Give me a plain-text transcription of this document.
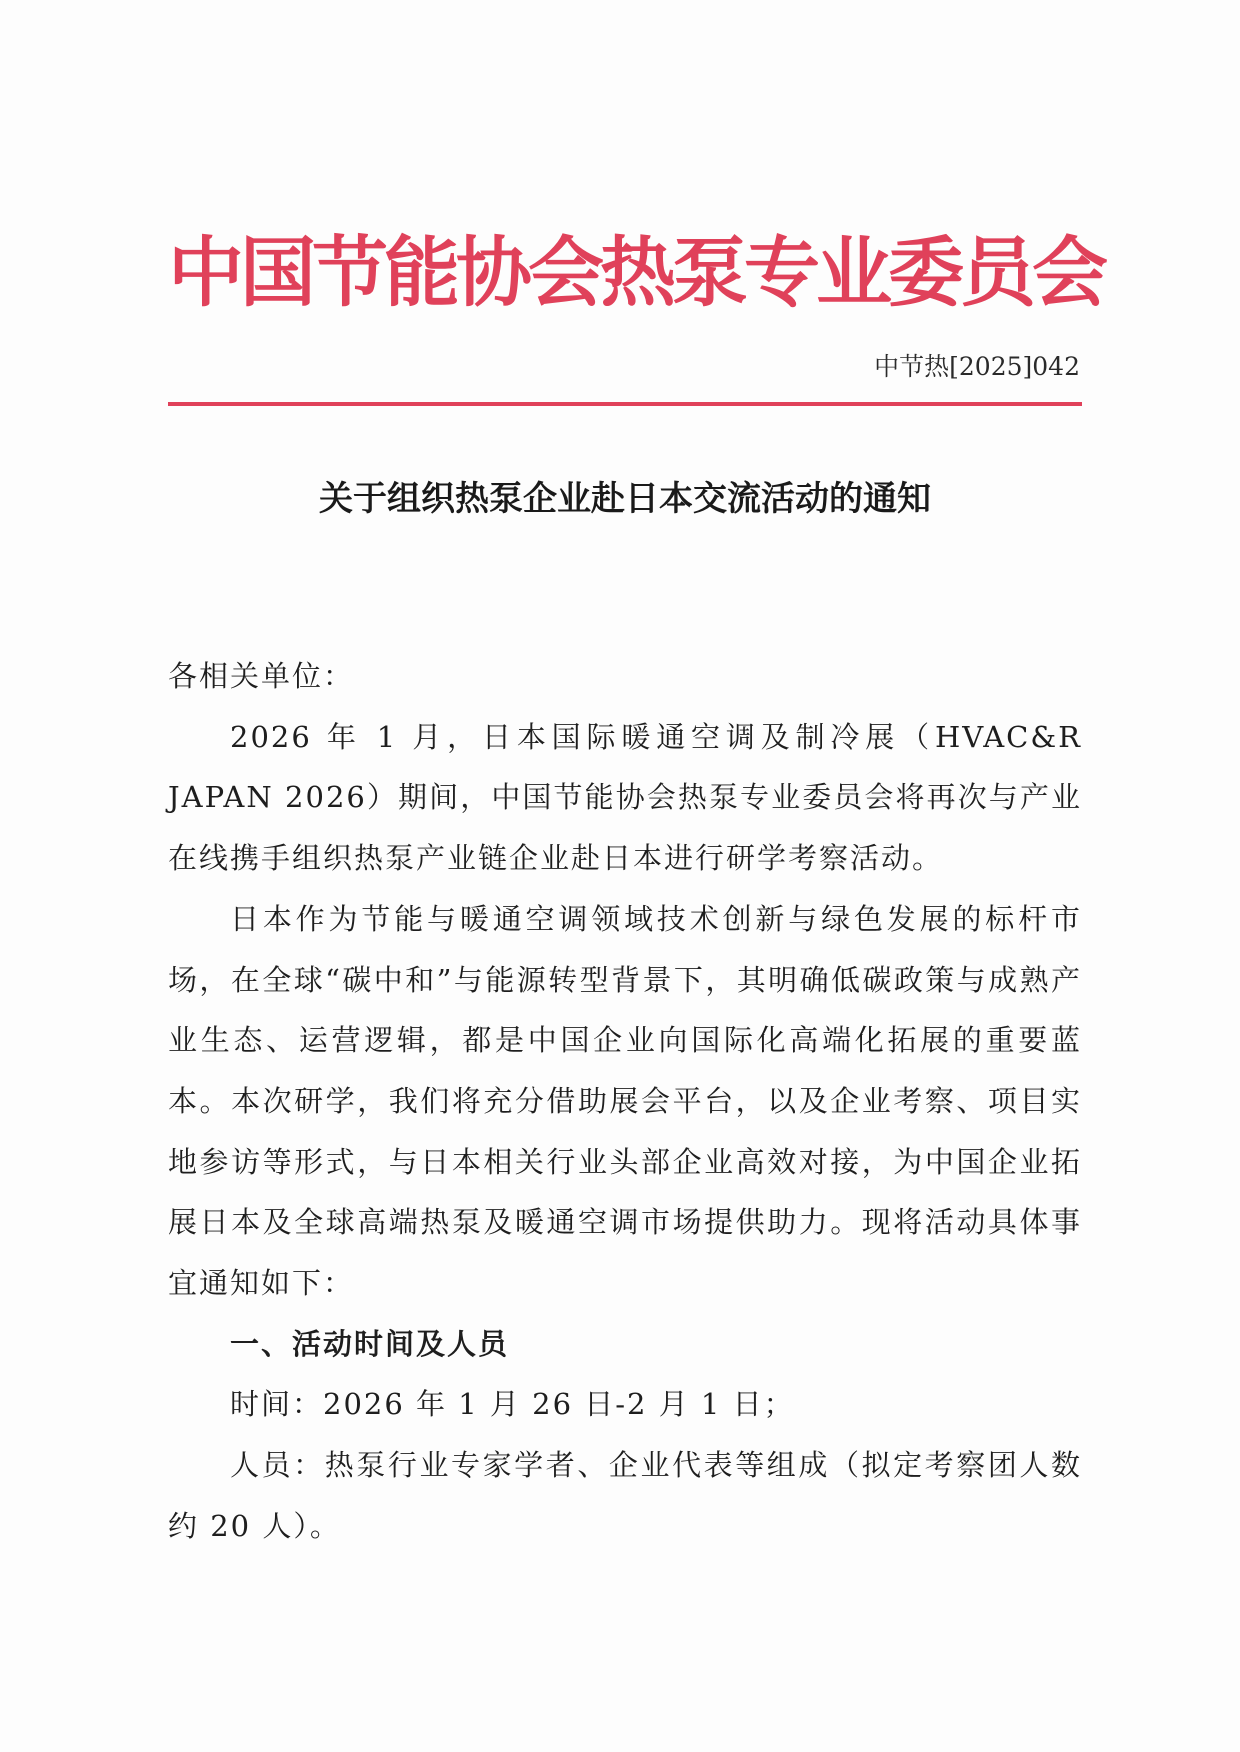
中国节能协会热泵专业委员会
中节热[2025]042
关于组织热泵企业赴日本交流活动的通知

各相关单位：

2026 年 1 月，日本国际暖通空调及制冷展（HVAC&R JAPAN 2026）期间，中国节能协会热泵专业委员会将再次与产业在线携手组织热泵产业链企业赴日本进行研学考察活动。

日本作为节能与暖通空调领域技术创新与绿色发展的标杆市场，在全球“碳中和”与能源转型背景下，其明确低碳政策与成熟产业生态、运营逻辑，都是中国企业向国际化高端化拓展的重要蓝本。本次研学，我们将充分借助展会平台，以及企业考察、项目实地参访等形式，与日本相关行业头部企业高效对接，为中国企业拓展日本及全球高端热泵及暖通空调市场提供助力。现将活动具体事宜通知如下：

一、活动时间及人员

时间：2026 年 1 月 26 日-2 月 1 日；

人员：热泵行业专家学者、企业代表等组成（拟定考察团人数约 20 人）。
